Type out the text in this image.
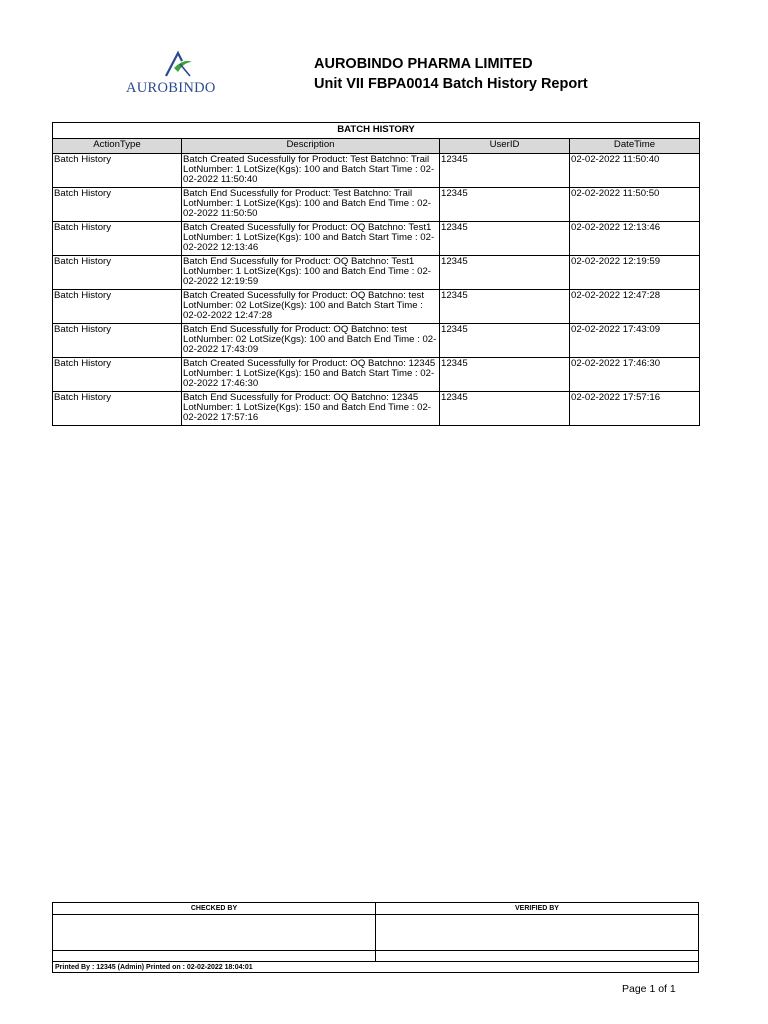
AUROBINDO
AUROBINDO PHARMA LIMITED
Unit VII FBPA0014 Batch History Report
BATCH HISTORY			
ActionType	Description	UserID	DateTime
Batch History	Batch Created Sucessfully for Product: Test Batchno: Trail LotNumber: 1 LotSize(Kgs): 100 and Batch Start Time : 02-02-2022 11:50:40	12345	02-02-2022 11:50:40
Batch History	Batch End Sucessfully for Product: Test Batchno: Trail LotNumber: 1 LotSize(Kgs): 100 and Batch End Time : 02-02-2022 11:50:50	12345	02-02-2022 11:50:50
Batch History	Batch Created Sucessfully for Product: OQ Batchno: Test1 LotNumber: 1 LotSize(Kgs): 100 and Batch Start Time : 02-02-2022 12:13:46	12345	02-02-2022 12:13:46
Batch History	Batch End Sucessfully for Product: OQ Batchno: Test1 LotNumber: 1 LotSize(Kgs): 100 and Batch End Time : 02-02-2022 12:19:59	12345	02-02-2022 12:19:59
Batch History	Batch Created Sucessfully for Product: OQ Batchno: test LotNumber: 02 LotSize(Kgs): 100 and Batch Start Time : 02-02-2022 12:47:28	12345	02-02-2022 12:47:28
Batch History	Batch End Sucessfully for Product: OQ Batchno: test LotNumber: 02 LotSize(Kgs): 100 and Batch End Time : 02-02-2022 17:43:09	12345	02-02-2022 17:43:09
Batch History	Batch Created Sucessfully for Product: OQ Batchno: 12345 LotNumber: 1 LotSize(Kgs): 150 and Batch Start Time : 02-02-2022 17:46:30	12345	02-02-2022 17:46:30
Batch History	Batch End Sucessfully for Product: OQ Batchno: 12345 LotNumber: 1 LotSize(Kgs): 150 and Batch End Time : 02-02-2022 17:57:16	12345	02-02-2022 17:57:16
CHECKED BY	VERIFIED BY

Printed By : 12345 (Admin) Printed on : 02-02-2022 18:04:01	
Page 1 of 1
